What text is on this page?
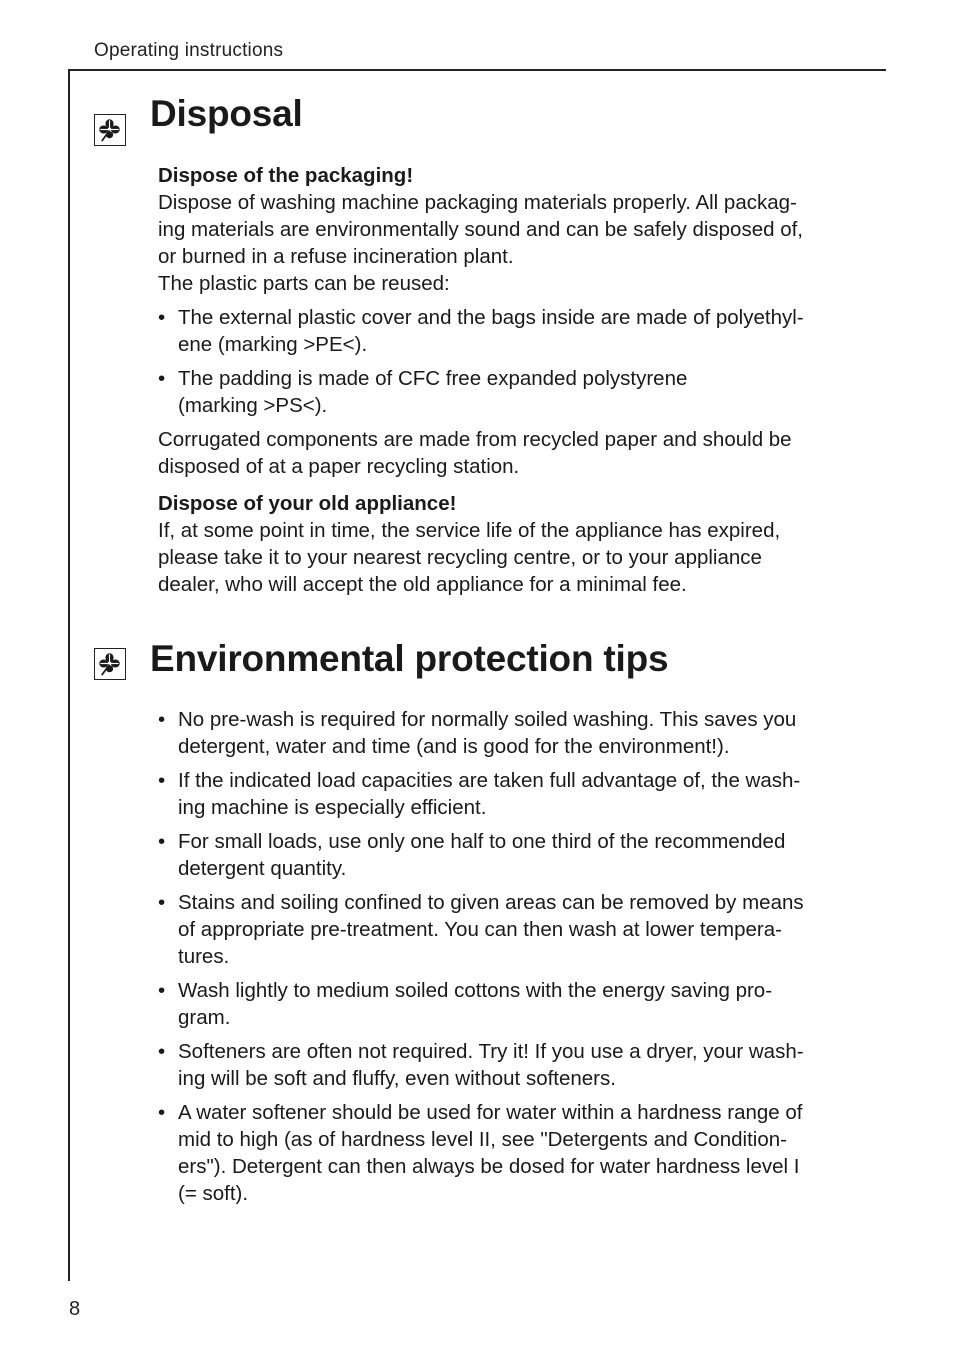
Operating instructions
Disposal

Dispose of the packaging!

Dispose of washing machine packaging materials properly. All packag-

ing materials are environmentally sound and can be safely disposed of,

or burned in a refuse incineration plant.

The plastic parts can be reused:

• The external plastic cover and the bags inside are made of polyethyl-

ene (marking >PE<).

• The padding is made of CFC free expanded polystyrene

(marking >PS<).

Corrugated components are made from recycled paper and should be

disposed of at a paper recycling station.

Dispose of your old appliance!

If, at some point in time, the service life of the appliance has expired,

please take it to your nearest recycling centre, or to your appliance

dealer, who will accept the old appliance for a minimal fee.

Environmental protection tips

• No pre-wash is required for normally soiled washing. This saves you

detergent, water and time (and is good for the environment!).

• If the indicated load capacities are taken full advantage of, the wash-

ing machine is especially efficient.

• For small loads, use only one half to one third of the recommended

detergent quantity.

• Stains and soiling confined to given areas can be removed by means

of appropriate pre-treatment. You can then wash at lower tempera-

tures.

• Wash lightly to medium soiled cottons with the energy saving pro-

gram.

• Softeners are often not required. Try it! If you use a dryer, your wash-

ing will be soft and fluffy, even without softeners.

• A water softener should be used for water within a hardness range of

mid to high (as of hardness level II, see "Detergents and Condition-

ers"). Detergent can then always be dosed for water hardness level I

(= soft).

8
